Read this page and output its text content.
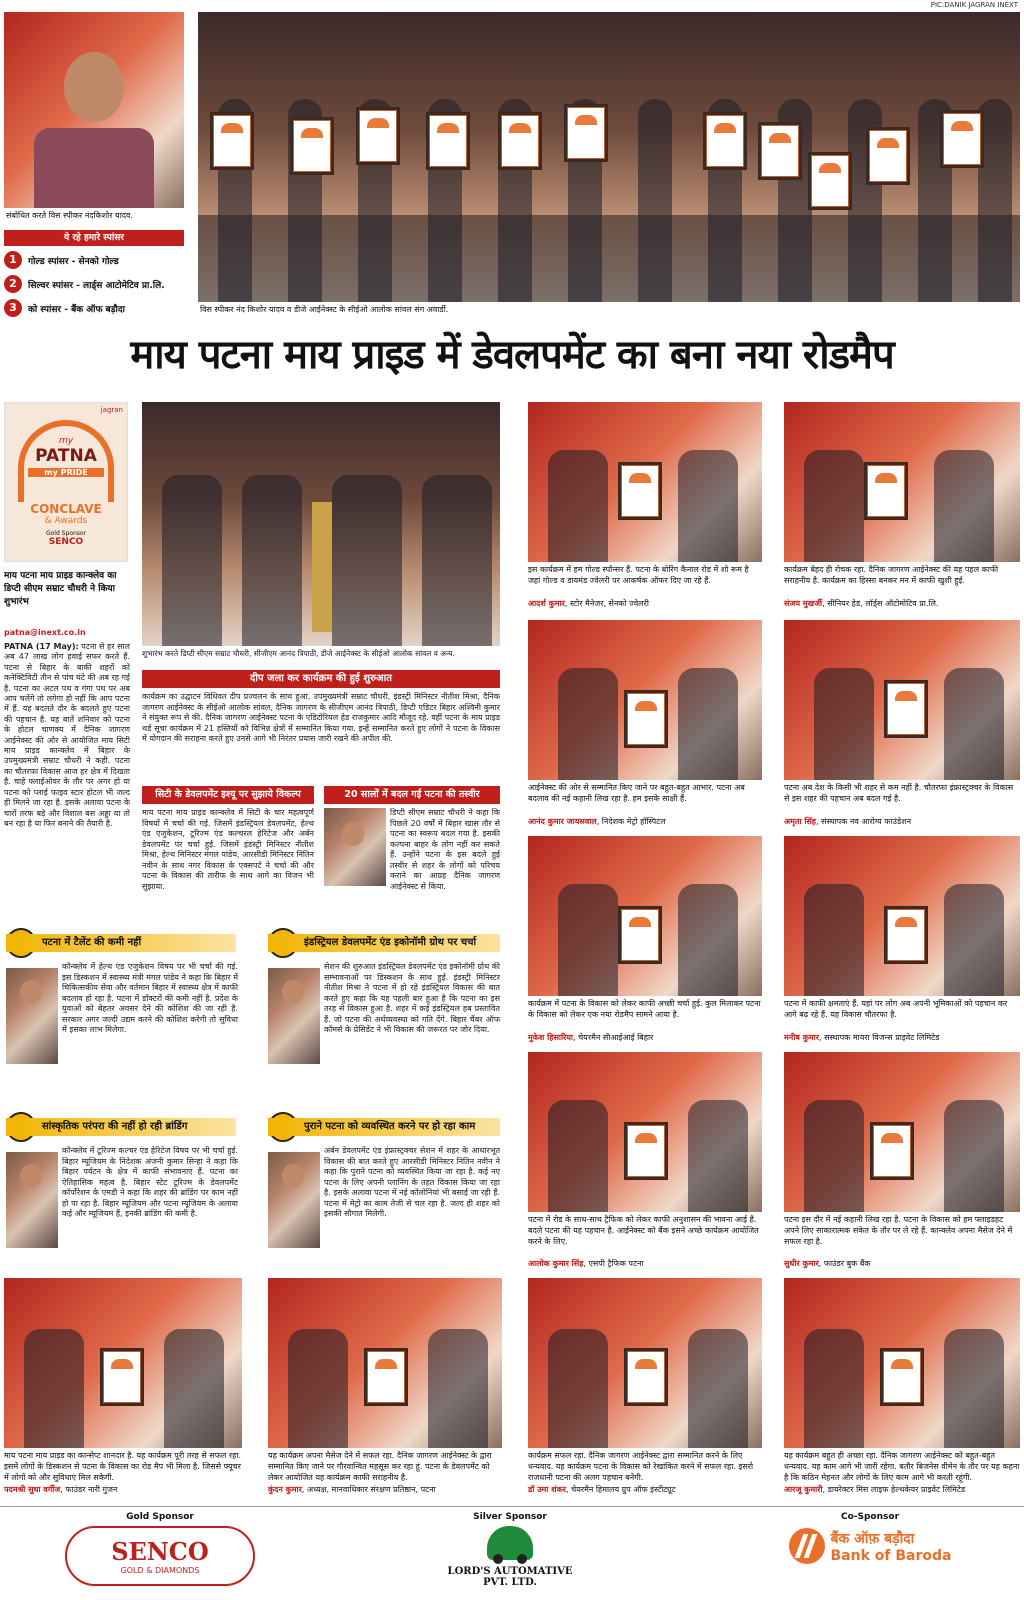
PIC:DANIK JAGRAN INEXT
संबोधित करते विस स्पीकर नंदकिशोर यादव.
ये रहे हमारे स्पांसर
1	गोल्ड स्पांसर - सेनको गोल्ड
2	सिल्वर स्पांसर - लार्ड्स आटोमेटिव प्रा.लि.
3	को स्पांसर - बैंक ऑफ बड़ौदा	विस स्पीकर नंद किशोर यादव व डीजे आईनेक्स्ट के सीईओ आलोक सांवल संग अवार्डी.
माय पटना माय प्राइड में डेवलपमेंट का बना नया रोडमैप
jagran
my
PATNA
my PRIDE
CONCLAVE
& Awards
Gold Sponsor
SENCO
माय पटना माय प्राइड कान्क्लेव का डिप्टी सीएम सम्राट चौधरी ने किया शुभारंभ
patna@inext.co.in
PATNA (17 May): पटना से हर साल अब 47 लाख लोग हवाई सफर करते हैं. पटना से बिहार के बाकी शहरों को कनेक्टिविटी तीन से पांच घंटे की अब रह गई है. पटना का अटल पथ व गंगा पथ पर अब आप चलेंगे तो लगेगा हो नहीं कि आप पटना में हैं. यह बदलते दौर के बदलते हुए पटना की पहचान है. यह बातें शनिवार को पटना के होटल चाणक्य में दैनिक जागरण आईनेक्स्ट की ओर से आयोजित माय सिटी माय प्राइड कान्क्लेव में बिहार के उपमुख्यमंत्री सम्राट चौधरी ने कही. पटना का चौतरफा विकास आज हर क्षेत्र में दिखता है. चाहे फ्लाईओवर के तौर पर अगर हो या पटना को प्लाई फाइव स्टार होटल भी जल्द ही मिलने जा रहा है. इसके अलावा पटना के चारों तरफ बड़े और विशाल बस अड्डा या तो बन रहा है या फिर बनाने की तैयारी है.
शुभारंभ करते डिप्टी सीएम सम्राट चौधरी, सीजीएम आनंद त्रिपाठी, डीजे आईनेक्स्ट के सीईओ आलोक सांवल व अन्य.
दीप जला कर कार्यक्रम की हुई शुरुआत
कार्यक्रम का उद्घाटन विधिवत दीप प्रज्वलन के साथ हुआ. उपमुख्यमंत्री सम्राट चौधरी, इंडस्ट्री मिनिस्टर नीतीश मिश्रा, दैनिक जागरण आईनेक्स्ट के सीईओ आलोक सांवल, दैनिक जागरण के सीजीएम आनंद त्रिपाठी, डिप्टी एडिटर बिहार अश्विनी कुमार ने संयुक्त रूप से की. दैनिक जागरण आईनेक्स्ट पटना के एडिटोरियल हेड राजकुमार आदि मौजूद रहे. वहीं पटना के माय प्राइड थर्ड सूचा कार्यक्रम में 21 हस्तियों को विभिन्न क्षेत्रों में सम्मानित किया गया. इन्हें सम्मानित करते हुए लोगों ने पटना के विकास में योगदान की सराहना करते हुए उनसे आगे भी निरंतर प्रयास जारी रखने की अपील की.
सिटी के डेवलपमेंट इश्यू पर सुझाये विकल्प
माय पटना माय प्राइड कान्क्लेव में सिटी के चार महत्वपूर्ण विषयों में चर्चा की गई. जिसमें इंडस्ट्रियल डेवलपमेंट, हेल्थ एंड एजुकेशन, टूरिज्म एंड कल्चरल हेरिटेज और अर्बन डेवलपमेंट पर चर्चा हुई. जिसमें इंडस्ट्री मिनिस्टर नीतीश मिश्रा, हेल्थ मिनिस्टर मंगल पांडेय, आरसीडी मिनिस्टर नितिन नवीन के साथ नगर विकास के एक्सपर्ट ने चर्चा की और पटना के विकास की तारीफ के साथ आगे का विजन भी सुझाया.
20 सालों में बदल गई पटना की तस्वीर
डिप्टी सीएम सम्राट चौधरी ने कहा कि पिछले 20 वर्षों में बिहार खास तौर से पटना का स्वरूप बदल गया है. इसकी कल्पना बाहर के लोग नहीं कर सकते हैं. उन्होंने पटना के इस बदले हुई तस्वीर से शहर के लोगों को परिचय कराने का आग्रह दैनिक जागरण आईनेक्स्ट से किया.
पटना में टैलेंट की कमी नहीं
कॉन्क्लेव में हेल्थ एंड एजुकेशन विषय पर भी चर्चा की गई. इस डिस्कशन में स्वास्थ्य मंत्री मंगल पांडेय ने कहा कि बिहार में चिकित्सकीय सेवा और वर्तमान बिहार में स्वास्थ्य क्षेत्र में काफी बदलाव हो रहा है. पटना में डॉक्टरों की कमी नहीं है. प्रदेश के युवाओं को बेहतर अवसर देने की कोशिश की जा रही है. सरकार अगर जल्दी उद्यम करने की कोशिश करेगी तो सुविधा में इसका लाभ मिलेगा.
इंडस्ट्रियल डेवलपमेंट एंड इकोनॉमी ग्रोथ पर चर्चा
सेशन की शुरुआत इंडस्ट्रियल डेवलपमेंट एंड इकोनॉमी ग्रोथ की सम्भावनाओं पर डिस्कशन के साथ हुई. इंडस्ट्री मिनिस्टर नीतीश मिश्रा ने पटना में हो रहे इंडस्ट्रियल विकास की बात करते हुए कहा कि यह पहली बार हुआ है कि पटना का इस तरह से विकास हुआ है. शहर में कई इंडस्ट्रियल हब प्रस्तावित हैं. जो पटना की अर्थव्यवस्था को गति देंगे. बिहार चैंबर ऑफ कॉमर्स के प्रेसिडेंट ने भी विकास की जरूरत पर जोर दिया.
सांस्कृतिक परंपरा की नहीं हो रही ब्रांडिंग
कॉन्क्लेव में टूरिज्म कल्चर एंड हेरिटेज विषय पर भी चर्चा हुई. बिहार म्यूजियम के निदेशक अंजनी कुमार सिन्हा ने कहा कि बिहार पर्यटन के क्षेत्र में काफी संभावनाएं हैं. पटना का ऐतिहासिक महत्व है. बिहार स्टेट टूरिज्म के डेवलपमेंट कॉर्पोरेशन के एमडी ने कहा कि शहर की ब्रांडिंग पर काम नहीं हो पा रहा है. बिहार म्यूजियम और पटना म्यूजियम के अलावा कई और म्यूजियम हैं, इनकी ब्रांडिंग की कमी है.
पुराने पटना को व्यवस्थित करने पर हो रहा काम
अर्बन डेवलपमेंट एंड इंफ्रास्ट्रक्चर सेशन में शहर के आधारभूत विकास की बात करते हुए आरसीडी मिनिस्टर नितिन नवीन ने कहा कि पुराने पटना को व्यवस्थित किया जा रहा है. कई नए पटना के लिए अपनी प्लानिंग के तहत विकास किया जा रहा है. इसके अलावा पटना में नई कॉलोनियां भी बसाई जा रही हैं. पटना में मेट्रो का काम तेजी से चल रहा है. जल्द ही शहर को इसकी सौगात मिलेगी.
इस कार्यक्रम में हम गोल्ड स्पॉन्सर हैं. पटना के बोरिंग कैनाल रोड में शो रूम है जहां गोल्ड व डायमंड ज्वेलरी पर आकर्षक ऑफर दिए जा रहे हैं.
आदर्श कुमार, स्टोर मैनेजर, सेनको ज्वेलरी
कार्यक्रम बेहद ही रोचक रहा. दैनिक जागरण आईनेक्स्ट की यह पहल काफी सराहनीय है. कार्यक्रम का हिस्सा बनकर मन में काफी खुशी हुई.
संजय मुखर्जी, सीनियर हेड, लॉर्ड्स ऑटोमोटिव प्रा.लि.
आईनेक्स्ट की ओर से सम्मानित किए जाने पर बहुत-बहुत आभार. पटना अब बदलाव की नई कहानी लिख रहा है. हम इसके साक्षी हैं.
आनंद कुमार जायसवाल, निदेशक मेट्रो हॉस्पिटल
पटना अब देश के किसी भी शहर से कम नहीं है. चौतरफा इंफ्रास्ट्रक्चर के विकास से इस शहर की पहचान अब बदल गई है.
अमृता सिंह, संस्थापक नव आरोग्य फाउंडेशन
कार्यक्रम में पटना के विकास को लेकर काफी अच्छी चर्चा हुई. कुल मिलाकर पटना के विकास को लेकर एक नया रोडमैप सामने आया है.
मुकेश हिसारिया, चेयरमैन सीआईआई बिहार
पटना में काफी क्षमताएं हैं. यहां पर लोग अब अपनी भूमिकाओं को पहचान कर आगे बढ़ रहे हैं. यह विकास चौतरफा है.
मनीष कुमार, सस्थापक मायरा विजन्स प्राइवेट लिमिटेड
पटना में रोड के साथ-साथ ट्रैफिक को लेकर काफी अनुशासन की भावना आई है. बदले पटना की यह पहचान है. आईनेक्स्ट को बैंक इसने अच्छे कार्यक्रम आयोजित करने के लिए.
आलोक कुमार सिंह, एसपी ट्रैफिक पटना
पटना इस दौर में नई कहानी लिख रहा है. पटना के विकास को हम फ्लाइडहट अपने लिए साकारात्मक संकेत के तौर पर ले रहे हैं. कान्क्लेव अपना मैसेज देने में सफल रहा है.
सुधीर कुमार, फाउंडर बुक बैंक
माय पटना माय प्राइड का कान्सेप्ट शानदार है. यह कार्यक्रम पूरी तरह से सफल रहा. इसमें लोगों के डिस्कशन से पटना के विकास का रोड मैप भी मिला है. जिससे फ्यूचर में लोगों को और सुविधाएं मिल सकेगी.
पदमश्री सुधा वर्गीज, फाउंडर नारी गुंजन
यह कार्यक्रम अपना मैसेज देने में सफल रहा. दैनिक जागरण आईनेक्स्ट के द्वारा सम्मानित किए जाने पर गौरवान्वित महसूस कर रहा हूं. पटना के डेवलपमेंट को लेकर आयोजित यह कार्यक्रम काफी सराहनीय है.
कुंदन कुमार, अध्यक्ष, मानवाधिकार संरक्षण प्रतिष्ठान, पटना
कार्यक्रम सफल रहा. दैनिक जागरण आईनेक्स्ट द्वारा सम्मानित करने के लिए धन्यवाद. यह कार्यक्रम पटना के विकास को रेखांकित करने में सफल रहा. इसरो राजधानी पटना की अलग पहचान बनेगी.
डॉ उमा शंकर, चेयरमैन हिमालय ग्रुप ऑफ इंस्टीट्यूट
यह कार्यक्रम बहुत ही अच्छा रहा. दैनिक जागरण आईनेक्स्ट को बहुत-बहुत धन्यवाद. यह काम आगे भी जारी रहेगा. बतौर बिजनेस वीमेन के तौर पर यह कहना है कि कठिन मेहनत और लोगों के लिए काम आगे भी करती रहूंगी.
आरजू कुमारी, डायरेक्टर मिस लाइफ हेल्थकेयर प्राइवेट लिमिटेड
Gold Sponsor
SENCO
GOLD & DIAMONDS
Silver Sponsor
LORD'S AUTOMATIVE
PVT. LTD.
Co-Sponsor
बैंक ऑफ़ बड़ौदा
Bank of Baroda
